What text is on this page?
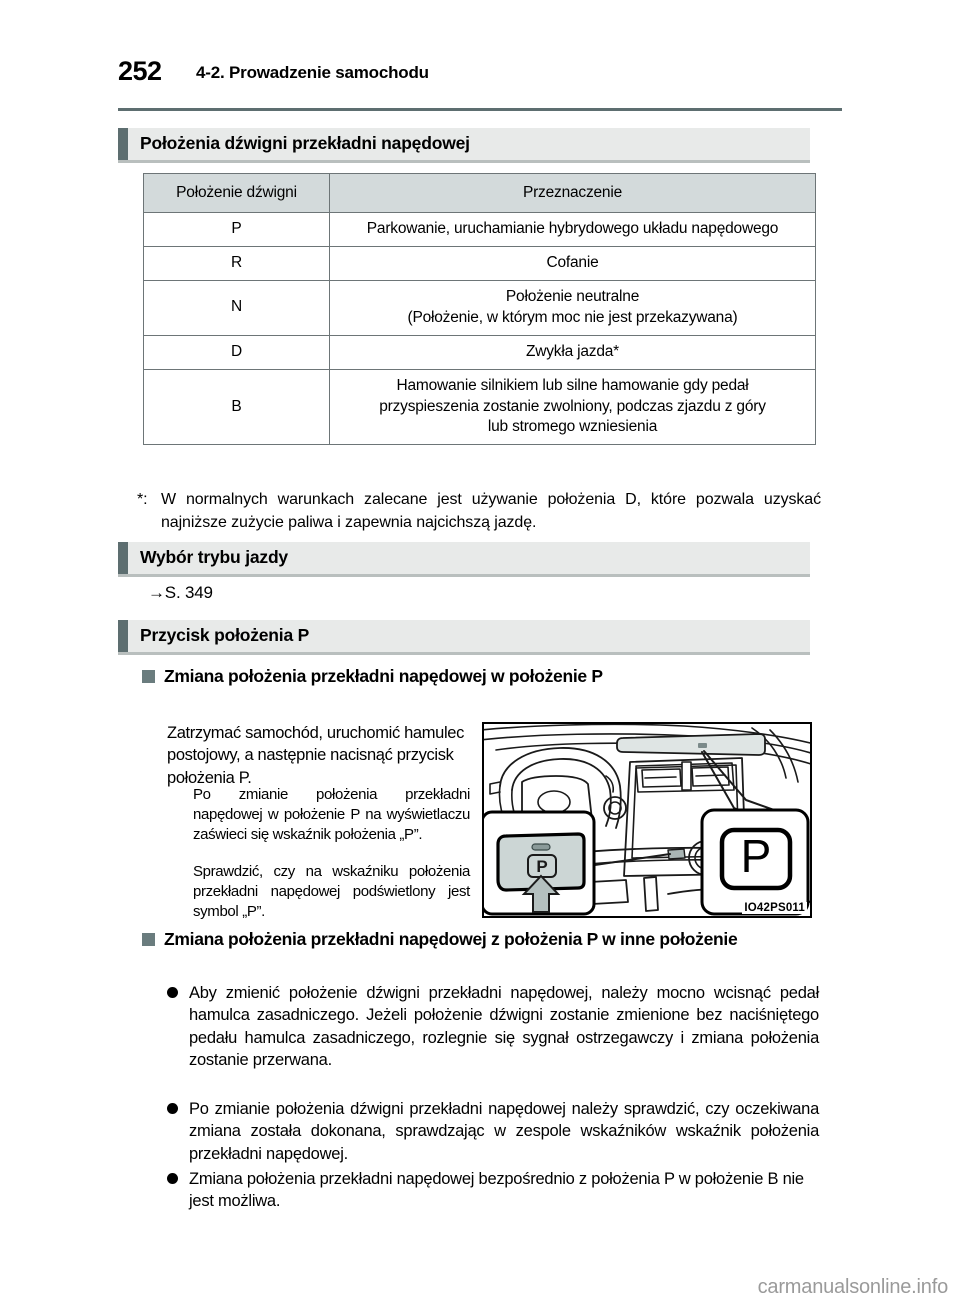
252 4-2. Prowadzenie samochodu
Położenia dźwigni przekładni napędowej
Położenie dźwigni	Przeznaczenie
P	Parkowanie, uruchamianie hybrydowego układu napędowego
R	Cofanie
N	Położenie neutralne
(Położenie, w którym moc nie jest przekazywana)
D	Zwykła jazda*
B	Hamowanie silnikiem lub silne hamowanie gdy pedał przyspieszenia zostanie zwolniony, podczas zjazdu z góry lub stromego wzniesienia
*: W normalnych warunkach zalecane jest używanie położenia D, które pozwala uzyskać najniższe zużycie paliwa i zapewnia najcichszą jazdę.
Wybór trybu jazdy
→S. 349
Przycisk położenia P
Zmiana położenia przekładni napędowej w położenie P
Zatrzymać samochód, uruchomić hamulec postojowy, a następnie nacisnąć przycisk położenia P.
Po zmianie położenia przekładni napędowej w położenie P na wyświetlaczu zaświeci się wskaźnik położenia „P”.
Sprawdzić, czy na wskaźniku położenia przekładni napędowej podświetlony jest symbol „P”.
P	P
IO42PS011
Zmiana położenia przekładni napędowej z położenia P w inne położenie
Aby zmienić położenie dźwigni przekładni napędowej, należy mocno wcisnąć pedał hamulca zasadniczego. Jeżeli położenie dźwigni zostanie zmienione bez naciśniętego pedału hamulca zasadniczego, rozlegnie się sygnał ostrzegawczy i zmiana położenia zostanie przerwana.
Po zmianie położenia dźwigni przekładni napędowej należy sprawdzić, czy oczekiwana zmiana została dokonana, sprawdzając w zespole wskaźników wskaźnik położenia przekładni napędowej.
Zmiana położenia przekładni napędowej bezpośrednio z położenia P w położenie B nie jest możliwa.
carmanualsonline.info
